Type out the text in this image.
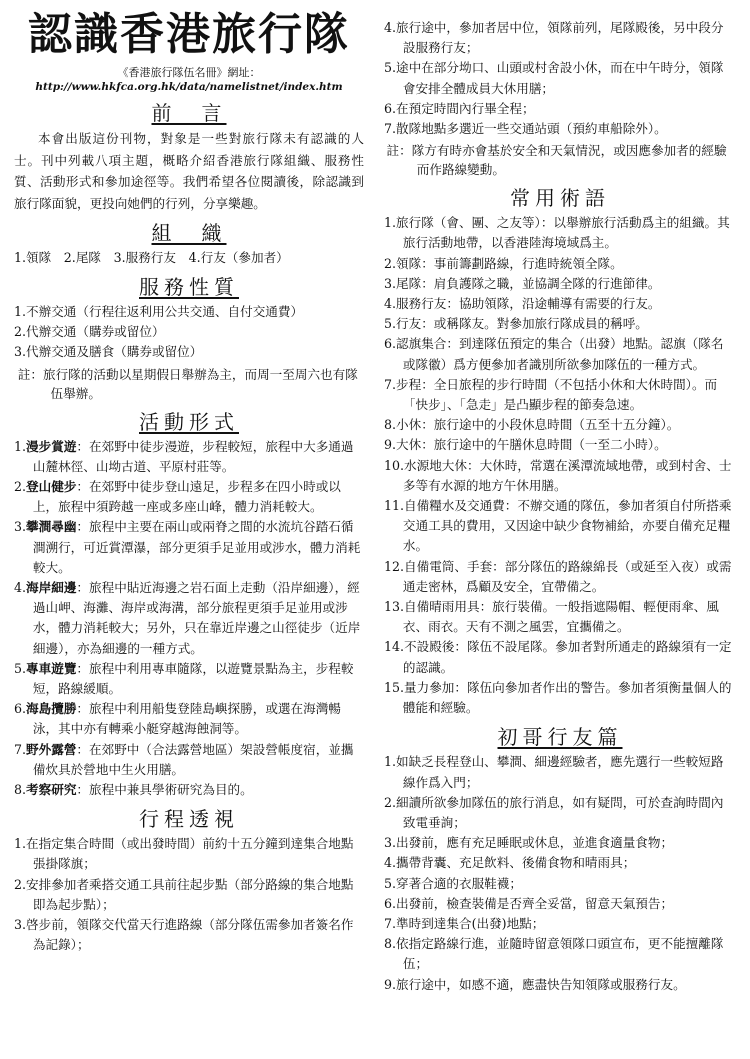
認識香港旅行隊
《香港旅行隊伍名冊》網址：
http://www.hkfca.org.hk/data/namelistnet/index.htm
前　言

本會出版這份刊物，對象是一些對旅行隊未有認識的人士。刊中列載八項主題，概略介紹香港旅行隊組織、服務性質、活動形式和參加途徑等。我們希望各位閱讀後，除認識到旅行隊面貌，更投向她們的行列，分享樂趣。

組　織
1.領隊　2.尾隊　3.服務行友　4.行友（參加者）
服務性質
1.不辦交通（行程往返利用公共交通、自付交通費）
2.代辦交通（購券或留位）
3.代辦交通及膳食（購券或留位）
註：旅行隊的活動以星期假日舉辦為主，而周一至周六也有隊伍舉辦。
活動形式
1.漫步賞遊：在郊野中徒步漫遊，步程較短，旅程中大多通過山麓林徑、山坳古道、平原村莊等。
2.登山健步：在郊野中徒步登山遠足，步程多在四小時或以上，旅程中須跨越一座或多座山峰，體力消耗較大。
3.攀澗尋幽：旅程中主要在兩山或兩脊之間的水流坑谷踏石循澗溯行，可近賞潭瀑，部分更須手足並用或涉水，體力消耗較大。
4.海岸細邊：旅程中貼近海邊之岩石面上走動（沿岸細邊），經過山岬、海灘、海岸或海溝，部分旅程更須手足並用或涉水，體力消耗較大；另外，只在靠近岸邊之山徑徒步（近岸細邊），亦為細邊的一種方式。
5.專車遊覽：旅程中利用專車隨隊，以遊覽景點為主，步程較短，路線緩順。
6.海島攬勝：旅程中利用船隻登陸島嶼探勝，或選在海灣暢泳，其中亦有轉乘小艇穿越海蝕洞等。
7.野外露營：在郊野中（合法露營地區）架設營帳度宿，並攜備炊具於營地中生火用膳。
8.考察研究：旅程中兼具學術研究為目的。
行程透視
1.在指定集合時間（或出發時間）前約十五分鐘到達集合地點張掛隊旗；
2.安排參加者乘搭交通工具前往起步點（部分路線的集合地點即為起步點）；
3.啓步前，領隊交代當天行進路線（部分隊伍需參加者簽名作為記錄）；
4.旅行途中，參加者居中位，領隊前列，尾隊殿後，另中段分設服務行友；
5.途中在部分坳口、山頭或村舍設小休，而在中午時分，領隊會安排全體成員大休用膳；
6.在預定時間內行畢全程；
7.散隊地點多選近一些交通站頭（預約車船除外）。
註：隊方有時亦會基於安全和天氣情況，或因應參加者的經驗而作路線變動。
常用術語
1.旅行隊（會、團、之友等）：以舉辦旅行活動爲主的組織。其旅行活動地帶，以香港陸海境域爲主。
2.領隊：事前籌劃路線，行進時統領全隊。
3.尾隊：肩負護隊之職，並協調全隊的行進節律。
4.服務行友：協助領隊，沿途輔導有需要的行友。
5.行友：或稱隊友。對參加旅行隊成員的稱呼。
6.認旗集合：到達隊伍預定的集合（出發）地點。認旗（隊名或隊徽）爲方便參加者識別所欲參加隊伍的一種方式。
7.步程：全日旅程的步行時間（不包括小休和大休時間）。而「快步」、「急走」是凸顯步程的節奏急速。
8.小休：旅行途中的小段休息時間（五至十五分鐘）。
9.大休：旅行途中的午膳休息時間（一至二小時）。
10.水源地大休：大休時，常選在溪潭流域地帶，或到村舍、士多等有水源的地方午休用膳。
11.自備糧水及交通費：不辦交通的隊伍，參加者須自付所搭乘交通工具的費用，又因途中缺少食物補給，亦要自備充足糧水。
12.自備電筒、手套：部分隊伍的路線綿長（或延至入夜）或需通走密林，爲顧及安全，宜帶備之。
13.自備晴雨用具：旅行裝備。一般指遮陽帽、輕便雨傘、風衣、雨衣。天有不測之風雲，宜攜備之。
14.不設殿後：隊伍不設尾隊。參加者對所通走的路線須有一定的認識。
15.量力參加：隊伍向參加者作出的警告。參加者須衡量個人的體能和經驗。
初哥行友篇
1.如缺乏長程登山、攀澗、細邊經驗者，應先選行一些較短路線作爲入門；
2.細讀所欲參加隊伍的旅行消息，如有疑問，可於查詢時間內致電垂詢；
3.出發前，應有充足睡眠或休息，並進食適量食物；
4.攜帶背囊、充足飲料、後備食物和晴雨具；
5.穿著合適的衣服鞋襪；
6.出發前，檢查裝備是否齊全妥當，留意天氣預告；
7.準時到達集合(出發)地點；
8.依指定路線行進，並隨時留意領隊口頭宣布，更不能擅離隊伍；
9.旅行途中，如感不適，應盡快告知領隊或服務行友。
